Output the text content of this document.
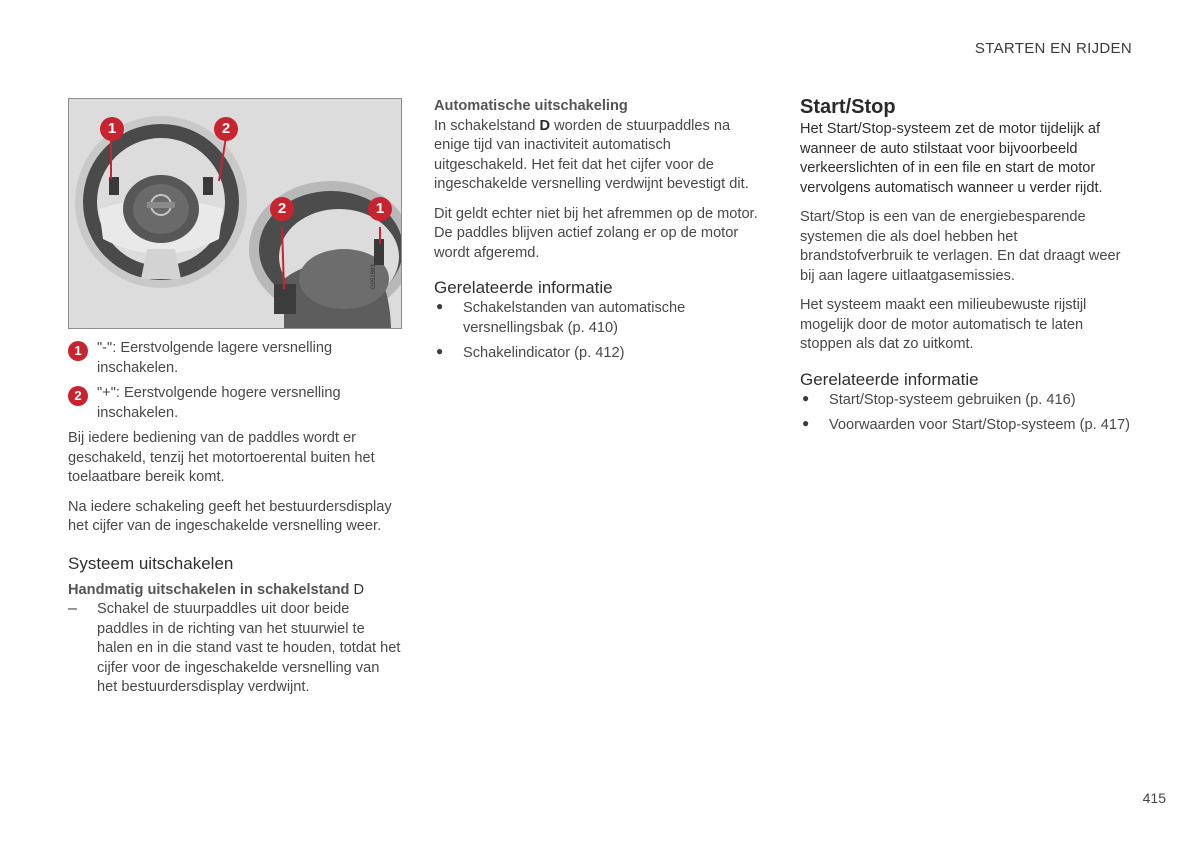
STARTEN EN RIJDEN
1	2
2	1
G051893
1	"-": Eerstvolgende lagere versnelling inschakelen.

2	"+": Eerstvolgende hogere versnelling inschakelen.

Bij iedere bediening van de paddles wordt er geschakeld, tenzij het motortoerental buiten het toelaatbare bereik komt.

Na iedere schakeling geeft het bestuurdersdisplay het cijfer van de ingeschakelde versnelling weer.

Systeem uitschakelen

Handmatig uitschakelen in schakelstand D

– Schakel de stuurpaddles uit door beide paddles in de richting van het stuurwiel te halen en in die stand vast te houden, totdat het cijfer voor de ingeschakelde versnelling van het bestuurdersdisplay verdwijnt.

Automatische uitschakeling

In schakelstand D worden de stuurpaddles na enige tijd van inactiviteit automatisch uitgeschakeld. Het feit dat het cijfer voor de ingeschakelde versnelling verdwijnt bevestigt dit.

Dit geldt echter niet bij het afremmen op de motor. De paddles blijven actief zolang er op de motor wordt afgeremd.

Gerelateerde informatie
● Schakelstanden van automatische versnellingsbak (p. 410)

● Schakelindicator (p. 412)

Start/Stop

Het Start/Stop-systeem zet de motor tijdelijk af wanneer de auto stilstaat voor bijvoorbeeld verkeerslichten of in een file en start de motor vervolgens automatisch wanneer u verder rijdt.

Start/Stop is een van de energiebesparende systemen die als doel hebben het brandstofverbruik te verlagen. En dat draagt weer bij aan lagere uitlaatgasemissies.

Het systeem maakt een milieubewuste rijstijl mogelijk door de motor automatisch te laten stoppen als dat zo uitkomt.

Gerelateerde informatie
● Start/Stop-systeem gebruiken (p. 416)

● Voorwaarden voor Start/Stop-systeem (p. 417)

415
